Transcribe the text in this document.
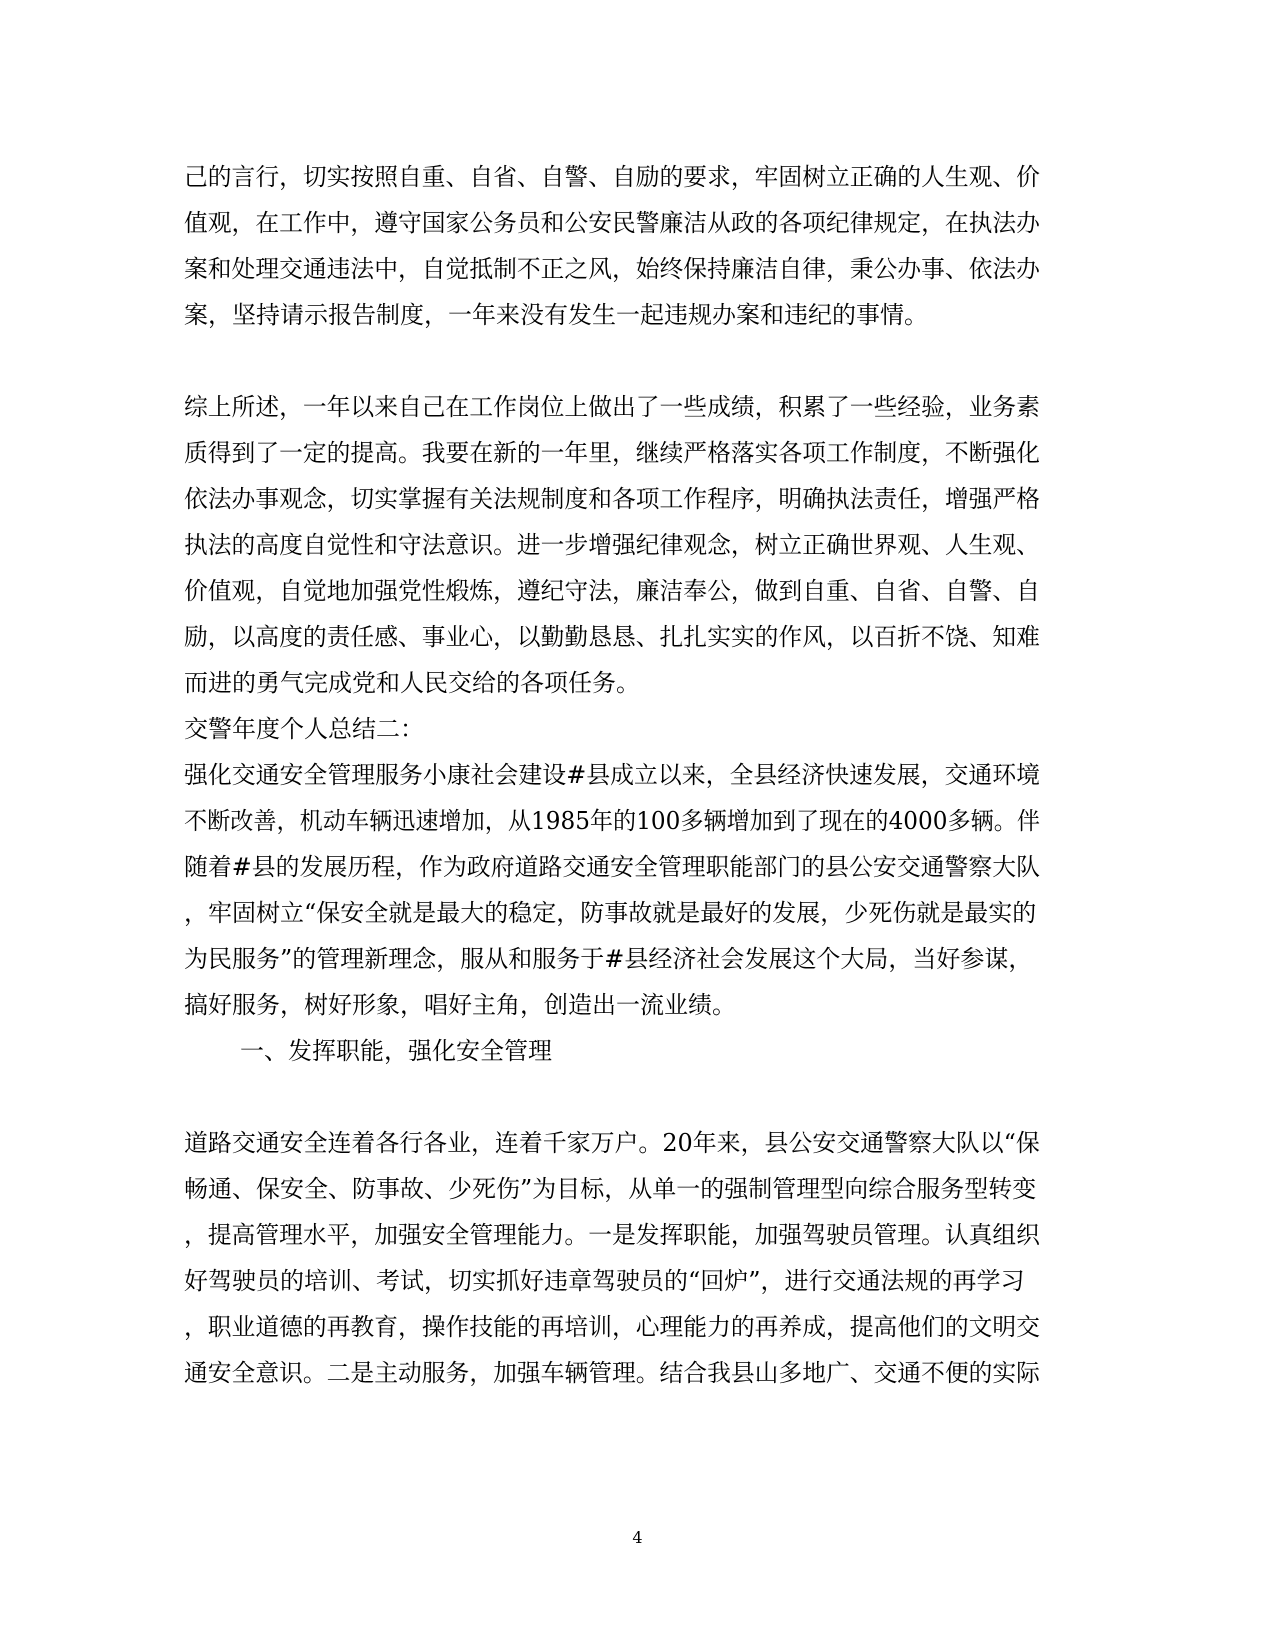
己的言行，切实按照自重、自省、自警、自励的要求，牢固树立正确的人生观、价
值观，在工作中，遵守国家公务员和公安民警廉洁从政的各项纪律规定，在执法办
案和处理交通违法中，自觉抵制不正之风，始终保持廉洁自律，秉公办事、依法办
案，坚持请示报告制度，一年来没有发生一起违规办案和违纪的事情。
综上所述，一年以来自己在工作岗位上做出了一些成绩，积累了一些经验，业务素
质得到了一定的提高。我要在新的一年里，继续严格落实各项工作制度，不断强化
依法办事观念，切实掌握有关法规制度和各项工作程序，明确执法责任，增强严格
执法的高度自觉性和守法意识。进一步增强纪律观念，树立正确世界观、人生观、
价值观，自觉地加强党性煅炼，遵纪守法，廉洁奉公，做到自重、自省、自警、自
励，以高度的责任感、事业心，以勤勤恳恳、扎扎实实的作风，以百折不饶、知难
而进的勇气完成党和人民交给的各项任务。
交警年度个人总结二：
强化交通安全管理服务小康社会建设#县成立以来，全县经济快速发展，交通环境
不断改善，机动车辆迅速增加，从1985年的100多辆增加到了现在的4000多辆。伴
随着#县的发展历程，作为政府道路交通安全管理职能部门的县公安交通警察大队
，牢固树立“保安全就是最大的稳定，防事故就是最好的发展，少死伤就是最实的
为民服务”的管理新理念，服从和服务于#县经济社会发展这个大局，当好参谋，
搞好服务，树好形象，唱好主角，创造出一流业绩。
一、发挥职能，强化安全管理
道路交通安全连着各行各业，连着千家万户。20年来，县公安交通警察大队以“保
畅通、保安全、防事故、少死伤”为目标，从单一的强制管理型向综合服务型转变
，提高管理水平，加强安全管理能力。一是发挥职能，加强驾驶员管理。认真组织
好驾驶员的培训、考试，切实抓好违章驾驶员的“回炉”，进行交通法规的再学习
，职业道德的再教育，操作技能的再培训，心理能力的再养成，提高他们的文明交
通安全意识。二是主动服务，加强车辆管理。结合我县山多地广、交通不便的实际
4
